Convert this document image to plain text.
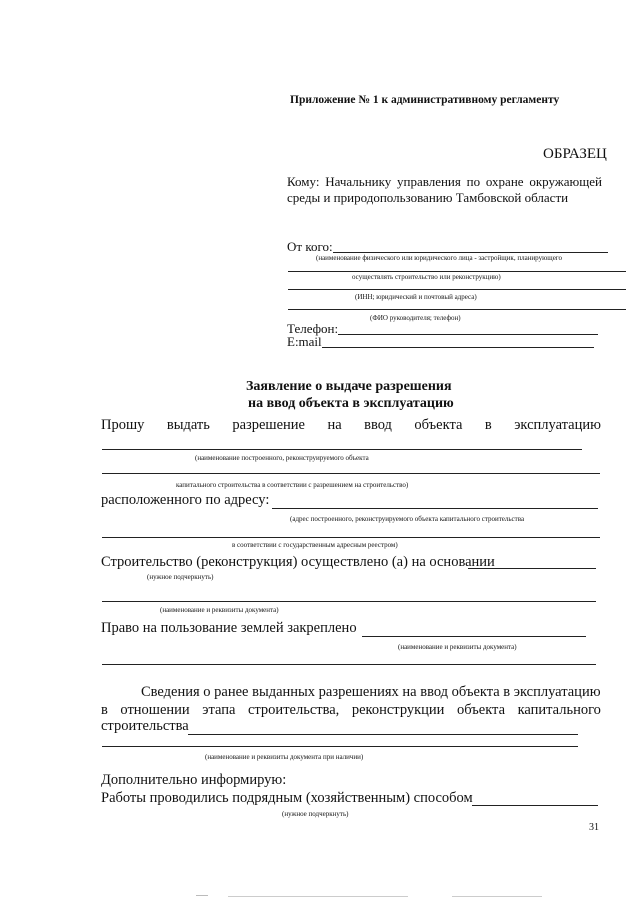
Приложение № 1 к административному регламенту
ОБРАЗЕЦ
Кому: Начальнику управления по охране окружающей
среды и природопользованию Тамбовской области
От кого:
(наименование физического или юридического лица - застройщик, планирующего
осуществлять строительство или реконструкцию)
(ИНН; юридический и почтовый адреса)
(ФИО руководителя; телефон)
Телефон:
E:mail
Заявление о выдаче разрешения
на ввод объекта в эксплуатацию
Прошу выдать разрешение на ввод объекта в эксплуатацию
(наименование построенного, реконструируемого объекта
капитального строительства в соответствии с разрешением на строительство)
расположенного по адресу:
(адрес построенного, реконструируемого объекта капитального строительства
в соответствии с государственным адресным реестром)
Строительство (реконструкция) осуществлено (а) на основании
(нужное подчеркнуть)
(наименование и реквизиты документа)
Право на пользование землей закреплено
(наименование и реквизиты документа)
Сведения о ранее выданных разрешениях на ввод объекта в эксплуатацию
в отношении этапа строительства, реконструкции объекта капитального
строительства
(наименование и реквизиты документа при наличии)
Дополнительно информирую:
Работы проводились подрядным (хозяйственным) способом
(нужное подчеркнуть)
31
